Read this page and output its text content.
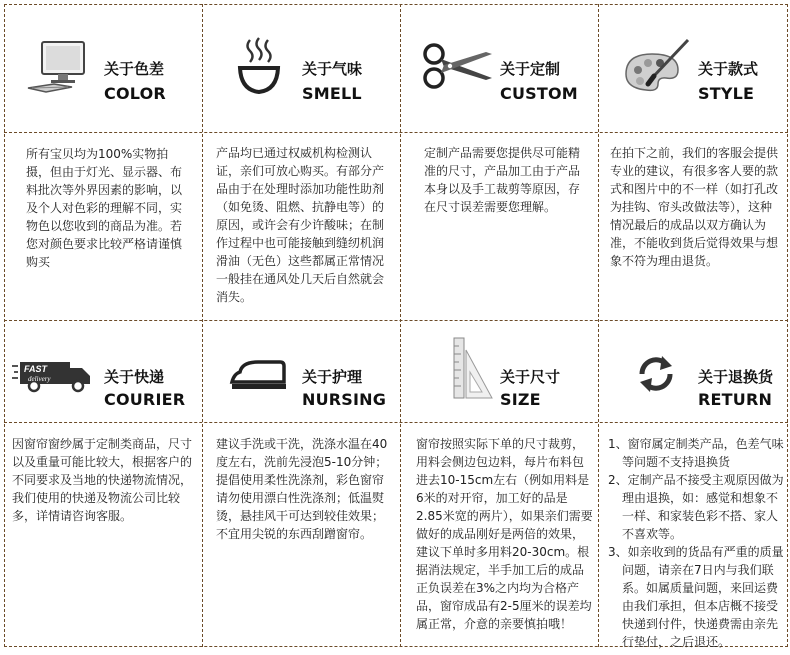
关于色差
COLOR
关于气味
SMELL
关于定制
CUSTOM
关于款式
STYLE
所有宝贝均为100%实物拍摄，但由于灯光、显示器、布料批次等外界因素的影响，以及个人对色彩的理解不同，实物色以您收到的商品为准。若您对颜色要求比较严格请谨慎购买
产品均已通过权威机构检测认证，亲们可放心购买。有部分产品由于在处理时添加功能性助剂（如免烫、阻燃、抗静电等）的原因，或许会有少许酸味；在制作过程中也可能接触到缝纫机润滑油（无色）这些都属正常情况一般挂在通风处几天后自然就会消失。
定制产品需要您提供尽可能精准的尺寸，产品加工由于产品本身以及手工裁剪等原因，存在尺寸误差需要您理解。
在拍下之前，我们的客服会提供专业的建议，有很多客人要的款式和图片中的不一样（如打孔改为挂钩、帘头改做法等），这种情况最后的成品以双方确认为准，不能收到货后觉得效果与想象不符为理由退货。
FAST
delivery	关于快递
COURIER
关于护理
NURSING
关于尺寸
SIZE
关于退换货
RETURN
因窗帘窗纱属于定制类商品，尺寸以及重量可能比较大，根据客户的不同要求及当地的快递物流情况，我们使用的快递及物流公司比较多，详情请咨询客服。
建议手洗或干洗，洗涤水温在40度左右，洗前先浸泡5-10分钟；提倡使用柔性洗涤剂，彩色窗帘请勿使用漂白性洗涤剂；低温熨烫，悬挂风干可达到较佳效果；不宜用尖锐的东西刮蹭窗帘。
窗帘按照实际下单的尺寸裁剪，用料会侧边包边料，每片布料包进去10-15cm左右（例如用料是6米的对开帘，加工好的品是2.85米宽的两片），如果亲们需要做好的成品刚好是两倍的效果，建议下单时多用料20-30cm。根据消法规定，半手加工后的成品正负误差在3%之内均为合格产品，窗帘成品有2-5厘米的误差均属正常，介意的亲要慎拍哦！
1、窗帘属定制类产品，色差气味等问题不支持退换货
2、定制产品不接受主观原因做为理由退换，如：感觉和想象不一样、和家装色彩不搭、家人不喜欢等。
3、如亲收到的货品有严重的质量问题，请亲在7日内与我们联系。如属质量问题，来回运费由我们承担，但本店概不接受快递到付件，快递费需由亲先行垫付，之后退还。
